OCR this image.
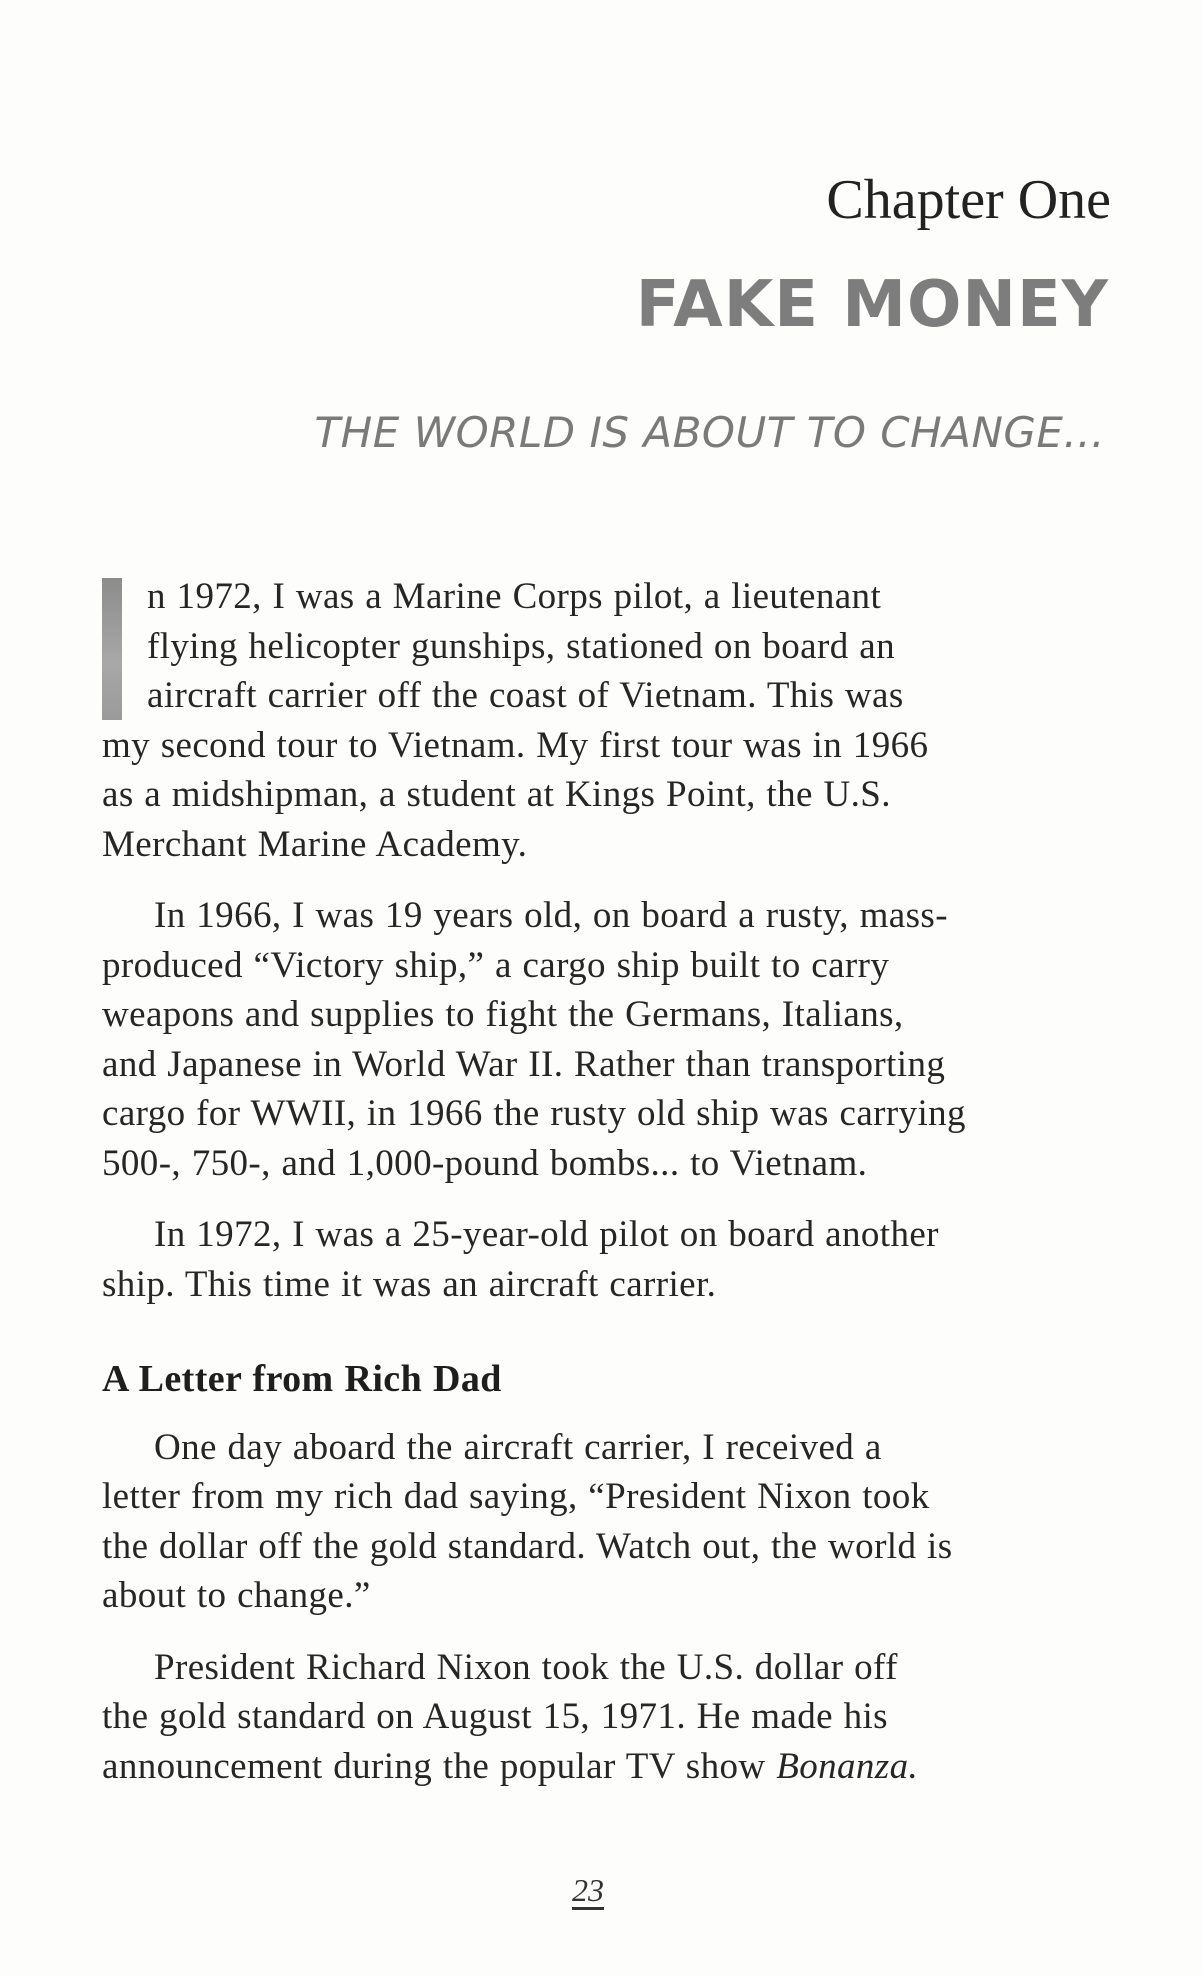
Chapter One
FAKE MONEY
THE WORLD IS ABOUT TO CHANGE...
n 1972, I was a Marine Corps pilot, a lieutenant
flying helicopter gunships, stationed on board an
aircraft carrier off the coast of Vietnam. This was
my second tour to Vietnam. My first tour was in 1966
as a midshipman, a student at Kings Point, the U.S.
Merchant Marine Academy.
In 1966, I was 19 years old, on board a rusty, mass-
produced “Victory ship,” a cargo ship built to carry
weapons and supplies to fight the Germans, Italians,
and Japanese in World War II. Rather than transporting
cargo for WWII, in 1966 the rusty old ship was carrying
500-, 750-, and 1,000-pound bombs... to Vietnam.
In 1972, I was a 25-year-old pilot on board another
ship. This time it was an aircraft carrier.
A Letter from Rich Dad
One day aboard the aircraft carrier, I received a
letter from my rich dad saying, “President Nixon took
the dollar off the gold standard. Watch out, the world is
about to change.”
President Richard Nixon took the U.S. dollar off
the gold standard on August 15, 1971. He made his
announcement during the popular TV show Bonanza.
23
